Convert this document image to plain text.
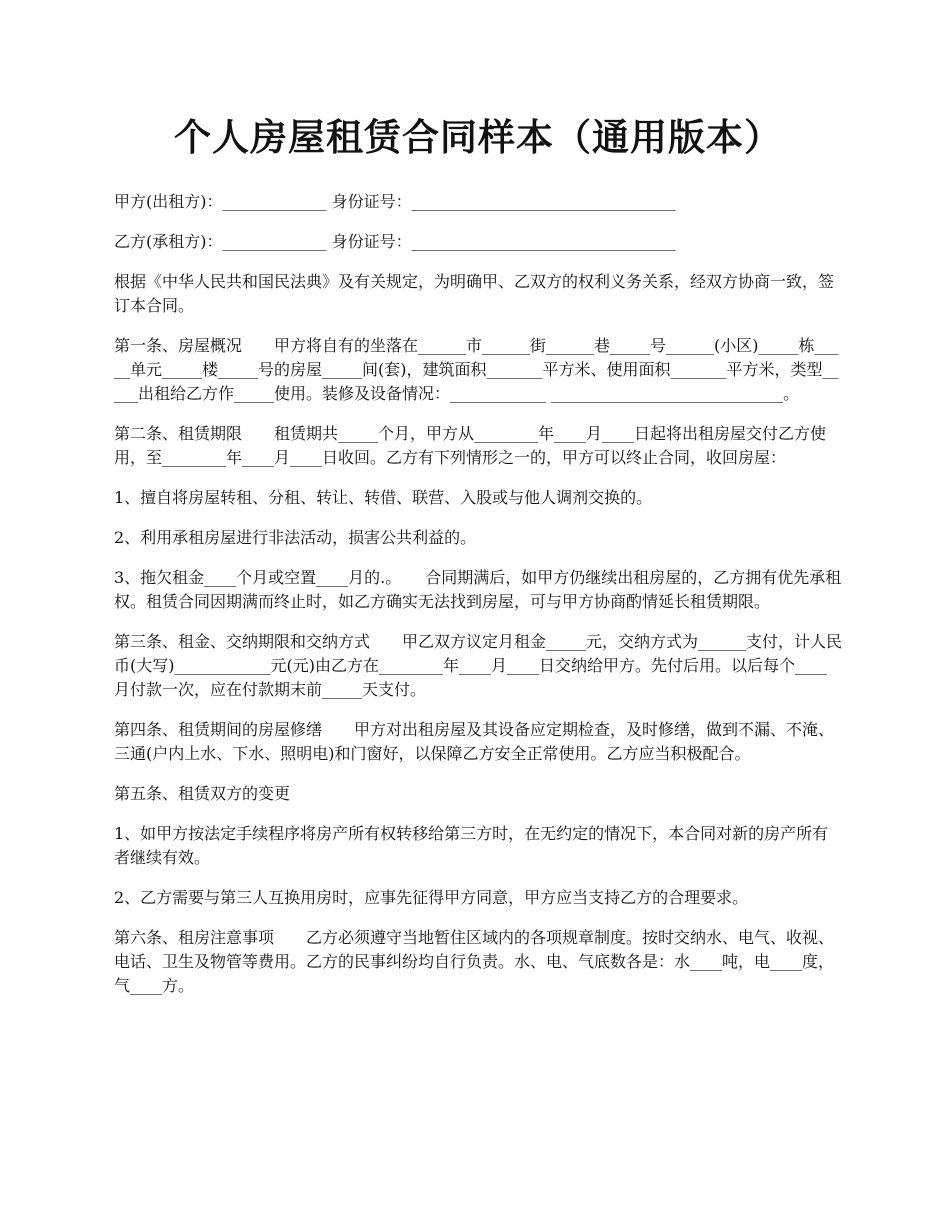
个人房屋租赁合同样本（通用版本）

甲方(出租方)：_____________ 身份证号：_________________________________

乙方(承租方)：_____________ 身份证号：_________________________________

根据《中华人民共和国民法典》及有关规定，为明确甲、乙双方的权利义务关系，经双方协商一致，签订本合同。

第一条、房屋概况　　甲方将自有的坐落在______市______街______巷_____号______(小区)_____栋_____单元_____楼_____号的房屋_____间(套)，建筑面积_______平方米、使用面积_______平方米，类型_____出租给乙方作_____使用。装修及设备情况：____________ _____________________________。

第二条、租赁期限　　租赁期共_____个月，甲方从________年____月____日起将出租房屋交付乙方使用，至________年____月____日收回。乙方有下列情形之一的，甲方可以终止合同，收回房屋：

1、擅自将房屋转租、分租、转让、转借、联营、入股或与他人调剂交换的。

2、利用承租房屋进行非法活动，损害公共利益的。

3、拖欠租金____个月或空置____月的.。　　合同期满后，如甲方仍继续出租房屋的，乙方拥有优先承租权。租赁合同因期满而终止时，如乙方确实无法找到房屋，可与甲方协商酌情延长租赁期限。

第三条、租金、交纳期限和交纳方式　　甲乙双方议定月租金_____元，交纳方式为______支付，计人民币(大写)____________元(元)由乙方在________年____月____日交纳给甲方。先付后用。以后每个____月付款一次，应在付款期末前_____天支付。

第四条、租赁期间的房屋修缮　　甲方对出租房屋及其设备应定期检查，及时修缮，做到不漏、不淹、三通(户内上水、下水、照明电)和门窗好，以保障乙方安全正常使用。乙方应当积极配合。

第五条、租赁双方的变更

1、如甲方按法定手续程序将房产所有权转移给第三方时，在无约定的情况下，本合同对新的房产所有者继续有效。

2、乙方需要与第三人互换用房时，应事先征得甲方同意，甲方应当支持乙方的合理要求。

第六条、租房注意事项　　乙方必须遵守当地暂住区域内的各项规章制度。按时交纳水、电气、收视、电话、卫生及物管等费用。乙方的民事纠纷均自行负责。水、电、气底数各是：水____吨，电____度，气____方。
